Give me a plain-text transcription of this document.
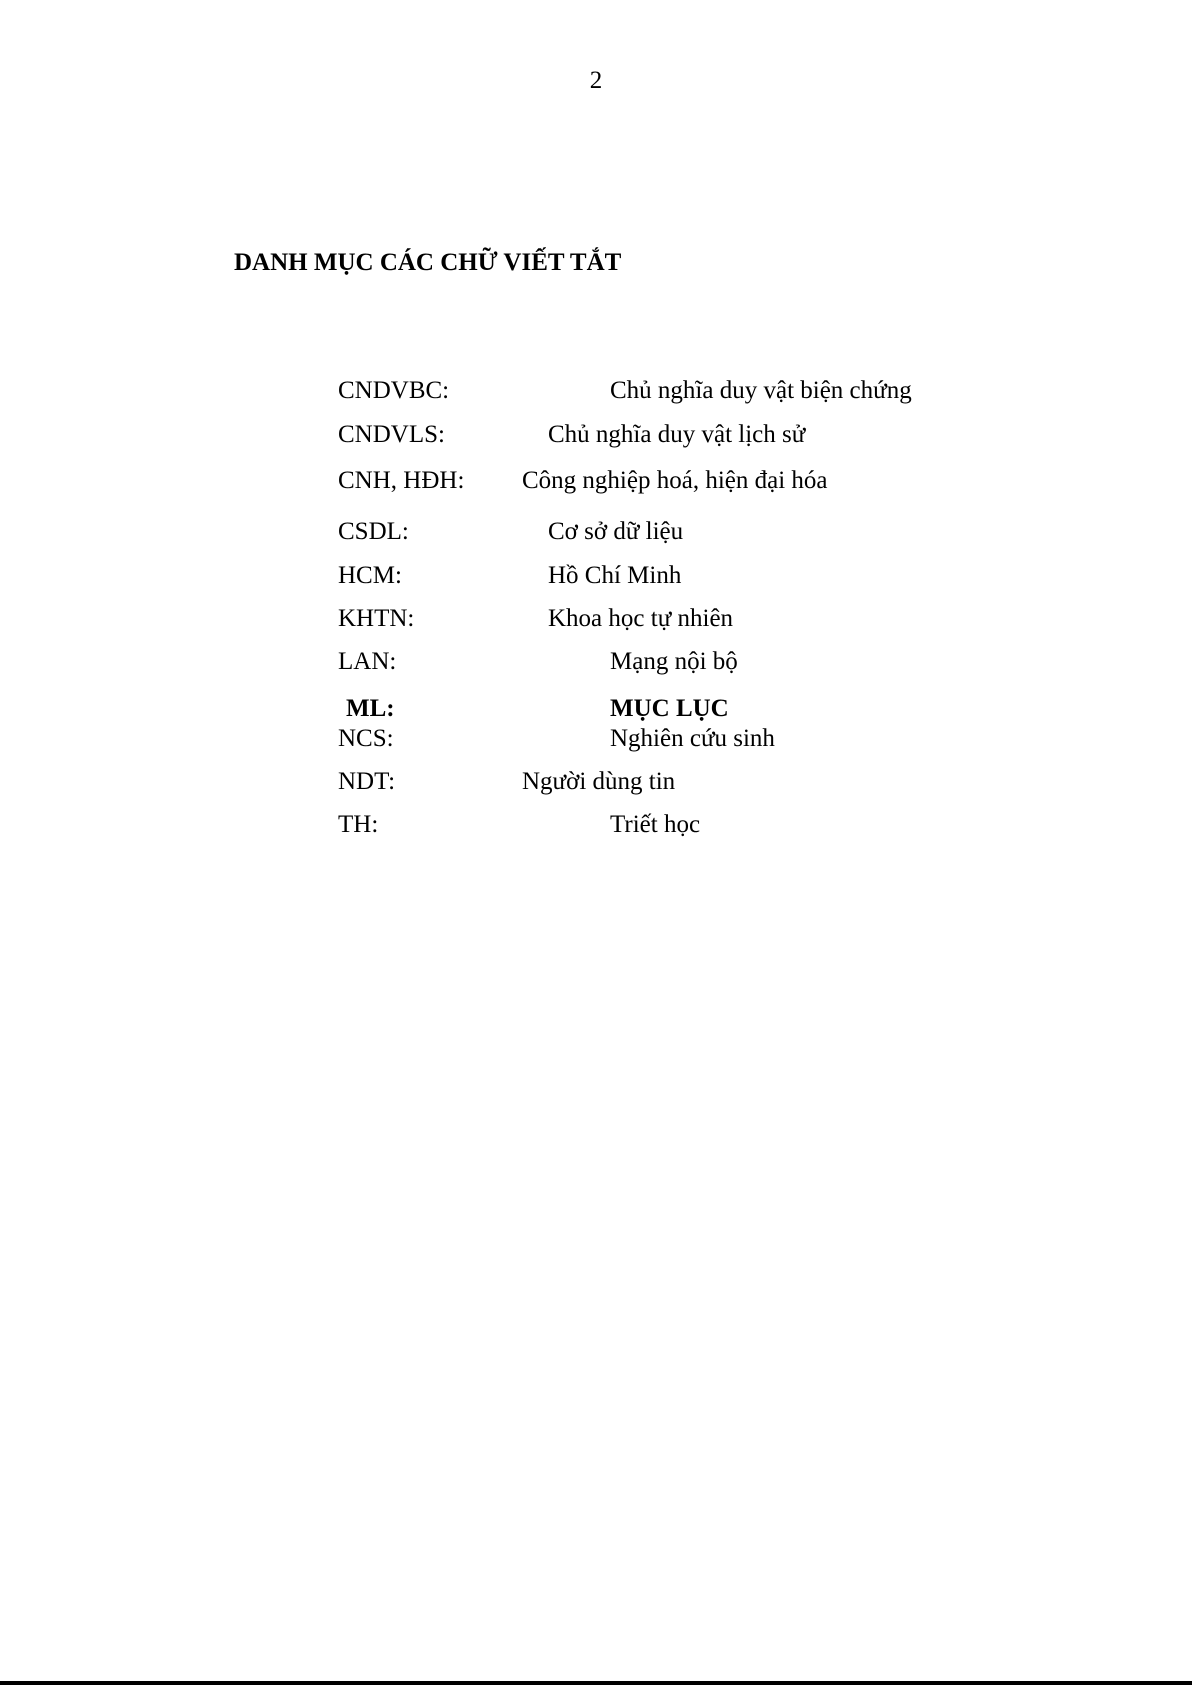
2
DANH MỤC CÁC CHỮ VIẾT TẮT
CNDVBC:	Chủ nghĩa duy vật biện chứng
CNDVLS:	Chủ nghĩa duy vật lịch sử
CNH, HĐH: Công nghiệp hoá, hiện đại hóa
CSDL:	Cơ sở dữ liệu
HCM:	Hồ Chí Minh
KHTN:	Khoa học tự nhiên
LAN:	Mạng nội bộ
ML:	MỤC LỤC
NCS:	Nghiên cứu sinh
NDT:	Người dùng tin
TH:	Triết học
